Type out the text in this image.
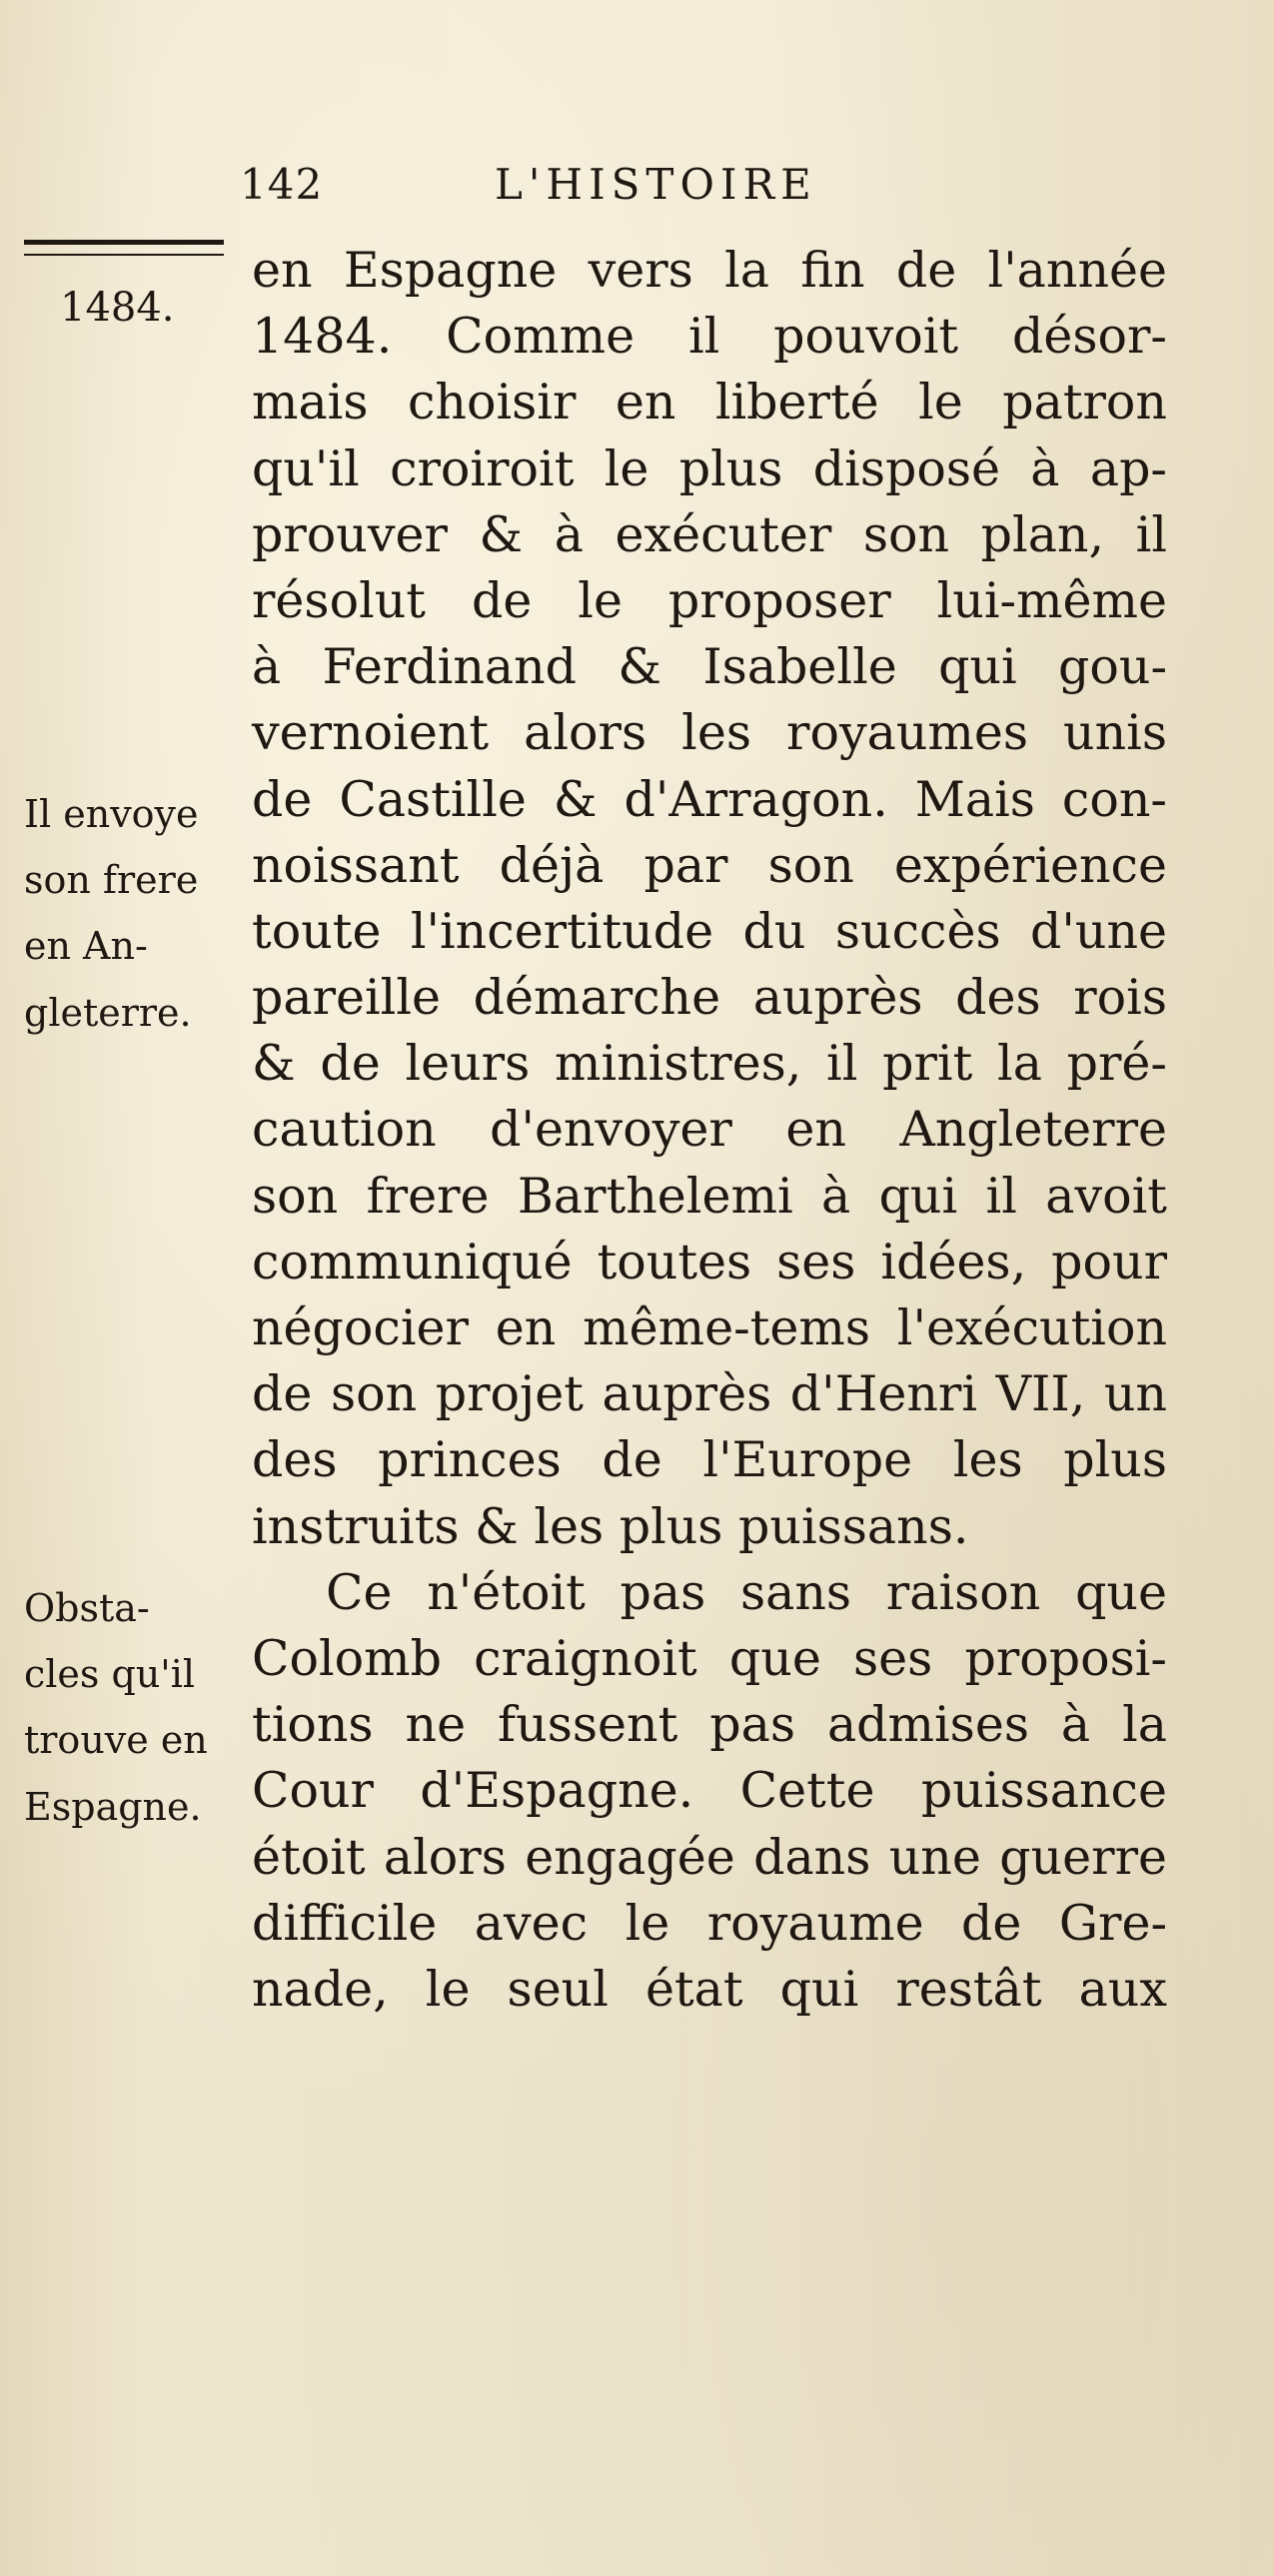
142	L'HISTOIRE
1484.
en Espagne vers la fin de l'année
1484. Comme il pouvoit désor-
mais choisir en liberté le patron
qu'il croiroit le plus disposé à ap-
prouver & à exécuter son plan, il
résolut de le proposer lui-même
à Ferdinand & Isabelle qui gou-
vernoient alors les royaumes unis
de Castille & d'Arragon. Mais con-
noissant déjà par son expérience
toute l'incertitude du succès d'une
pareille démarche auprès des rois
& de leurs ministres, il prit la pré-
caution d'envoyer en Angleterre
son frere Barthelemi à qui il avoit
communiqué toutes ses idées, pour
négocier en même-tems l'exécution
de son projet auprès d'Henri VII, un
des princes de l'Europe les plus
instruits & les plus puissans.
Ce n'étoit pas sans raison que
Colomb craignoit que ses proposi-
tions ne fussent pas admises à la
Cour d'Espagne. Cette puissance
étoit alors engagée dans une guerre
difficile avec le royaume de Gre-
nade, le seul état qui restât aux
Il envoye
son frere
en An-
gleterre.
Obsta-
cles qu'il
trouve en
Espagne.
